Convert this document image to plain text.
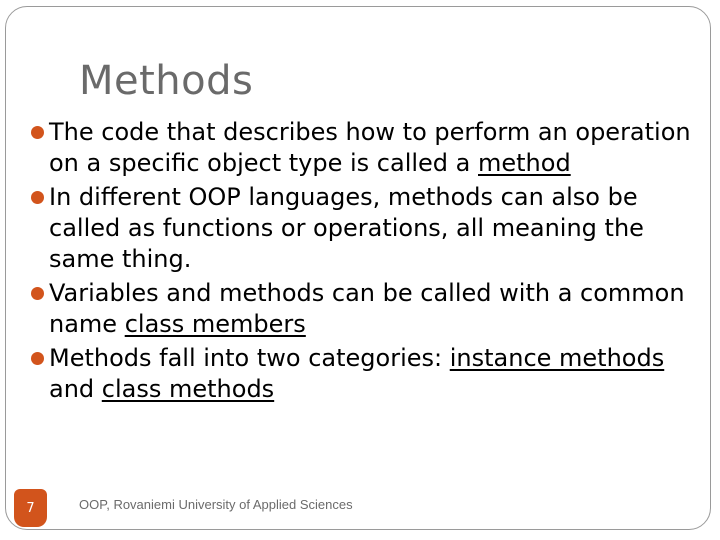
Methods
The code that describes how to perform an operation on a specific object type is called a method
In different OOP languages, methods can also be called as functions or operations, all meaning the same thing.
Variables and methods can be called with a common name class members
Methods fall into two categories: instance methods and class methods
7	OOP, Rovaniemi University of Applied Sciences
